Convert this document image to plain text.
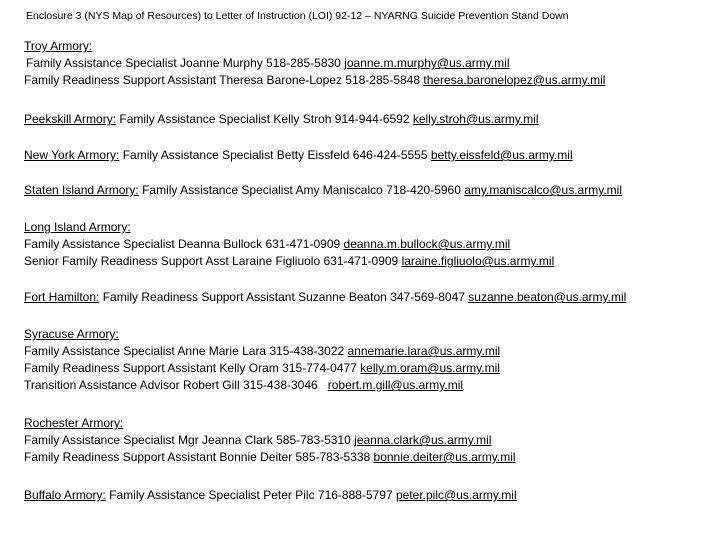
Enclosure 3 (NYS Map of Resources) to Letter of Instruction (LOI) 92-12 – NYARNG Suicide Prevention Stand Down
Troy Armory:
Family Assistance Specialist Joanne Murphy 518-285-5830 joanne.m.murphy@us.army.mil
Family Readiness Support Assistant Theresa Barone-Lopez 518-285-5848 theresa.baronelopez@us.army.mil
Peekskill Armory: Family Assistance Specialist Kelly Stroh 914-944-6592 kelly.stroh@us.army.mil
New York Armory: Family Assistance Specialist Betty Eissfeld 646-424-5555 betty.eissfeld@us.army.mil
Staten Island Armory: Family Assistance Specialist Amy Maniscalco 718-420-5960 amy.maniscalco@us.army.mil
Long Island Armory:
Family Assistance Specialist Deanna Bullock 631-471-0909 deanna.m.bullock@us.army.mil
Senior Family Readiness Support Asst Laraine Figliuolo 631-471-0909 laraine.figliuolo@us.army.mil
Fort Hamilton: Family Readiness Support Assistant Suzanne Beaton 347-569-8047 suzanne.beaton@us.army.mil
Syracuse Armory:
Family Assistance Specialist Anne Marie Lara 315-438-3022 annemarie.lara@us.army.mil
Family Readiness Support Assistant Kelly Oram 315-774-0477 kelly.m.oram@us.army.mil
Transition Assistance Advisor Robert Gill 315-438-3046   robert.m.gill@us.army.mil
Rochester Armory:
Family Assistance Specialist Mgr Jeanna Clark 585-783-5310 jeanna.clark@us.army.mil
Family Readiness Support Assistant Bonnie Deiter 585-783-5338 bonnie.deiter@us.army.mil
Buffalo Armory: Family Assistance Specialist Peter Pilc 716-888-5797 peter.pilc@us.army.mil
